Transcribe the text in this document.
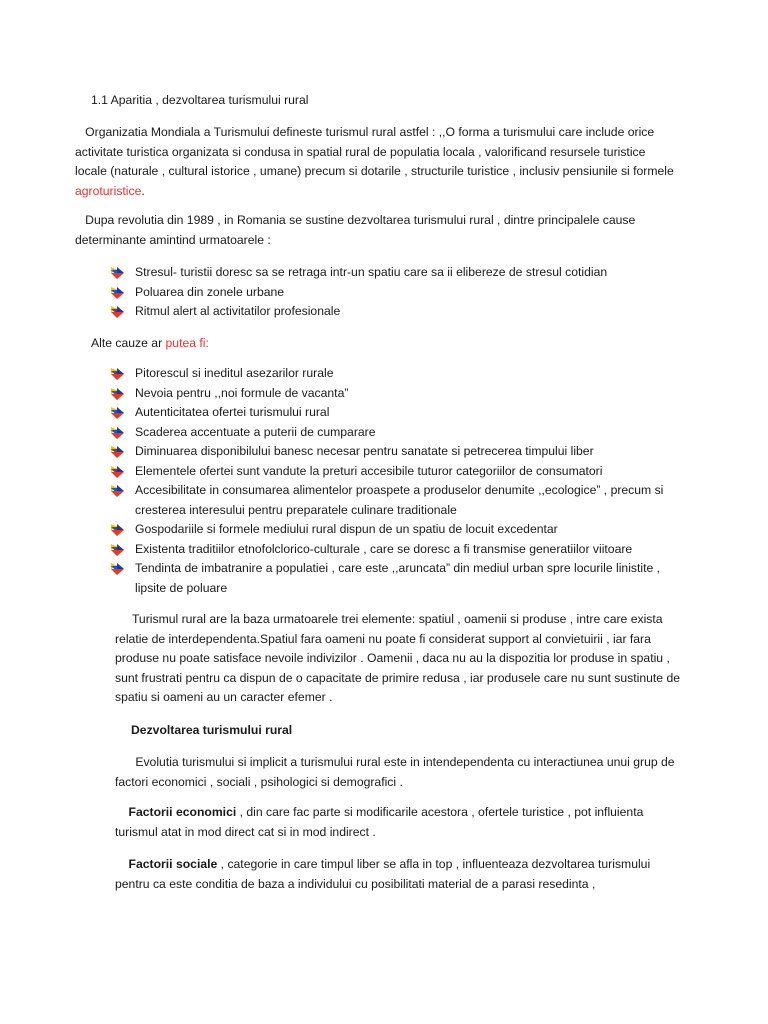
1.1 Aparitia , dezvoltarea turismului rural

Organizatia Mondiala a Turismului defineste turismul rural astfel : ,,O forma a turismului care include orice activitate turistica organizata si condusa in spatial rural de populatia locala , valorificand resursele turistice locale (naturale , cultural istorice , umane) precum si dotarile , structurile turistice , inclusiv pensiunile si formele agroturistice.

Dupa revolutia din 1989 , in Romania se sustine dezvoltarea turismului rural , dintre principalele cause determinante amintind urmatoarele :

Stresul- turistii doresc sa se retraga intr-un spatiu care sa ii elibereze de stresul cotidian
Poluarea din zonele urbane
Ritmul alert al activitatilor profesionale

Alte cauze ar putea fi:

Pitorescul si ineditul asezarilor rurale
Nevoia pentru ,,noi formule de vacanta”
Autenticitatea ofertei turismului rural
Scaderea accentuate a puterii de cumparare
Diminuarea disponibilului banesc necesar pentru sanatate si petrecerea timpului liber
Elementele ofertei sunt vandute la preturi accesibile tuturor categoriilor de consumatori
Accesibilitate in consumarea alimentelor proaspete a produselor denumite ,,ecologice” , precum si cresterea interesului pentru preparatele culinare traditionale
Gospodariile si formele mediului rural dispun de un spatiu de locuit excedentar
Existenta traditiilor etnofolclorico-culturale , care se doresc a fi transmise generatiilor viitoare
Tendinta de imbatranire a populatiei , care este ,,aruncata” din mediul urban spre locurile linistite , lipsite de poluare

Turismul rural are la baza urmatoarele trei elemente: spatiul , oamenii si produse , intre care exista relatie de interdependenta.Spatiul fara oameni nu poate fi considerat support al convietuirii , iar fara produse nu poate satisface nevoile indivizilor . Oamenii , daca nu au la dispozitia lor produse in spatiu , sunt frustrati pentru ca dispun de o capacitate de primire redusa , iar produsele care nu sunt sustinute de spatiu si oameni au un caracter efemer .

Dezvoltarea turismului rural

Evolutia turismului si implicit a turismului rural este in intendependenta cu interactiunea unui grup de factori economici , sociali , psihologici si demografici .

Factorii economici , din care fac parte si modificarile acestora , ofertele turistice , pot influienta turismul atat in mod direct cat si in mod indirect .

Factorii sociale , categorie in care timpul liber se afla in top , influenteaza dezvoltarea turismului pentru ca este conditia de baza a individului cu posibilitati material de a parasi resedinta ,
